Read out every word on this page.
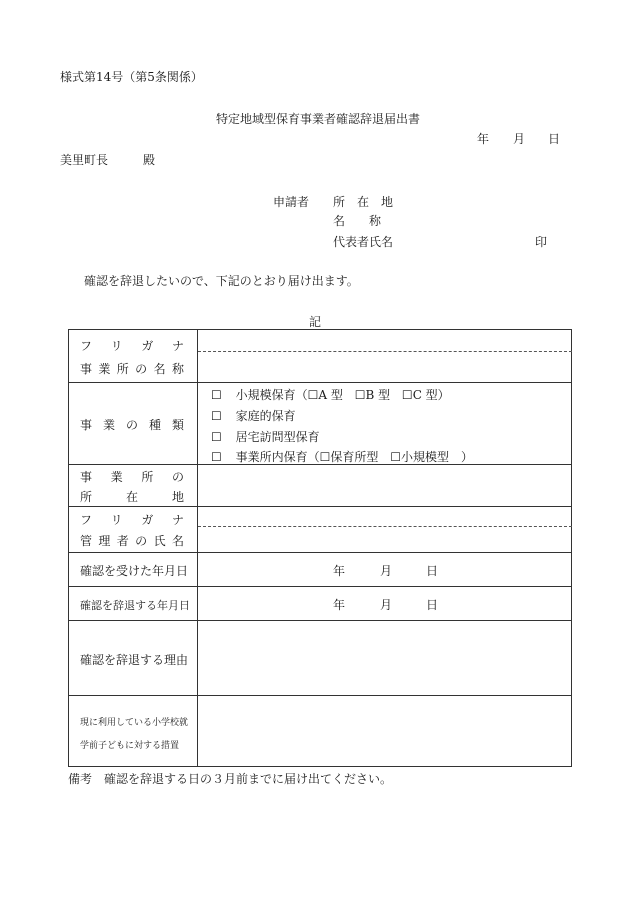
様式第14号（第5条関係）
特定地域型保育事業者確認辞退届出書
年 月 日
美里町長	殿
申請者 所　在　地
名　　称
代表者氏名	印
確認を辞退したいので、下記のとおり届け出ます。
記
フ リ ガ ナ
事 業 所 の 名 称
事 業 の 種 類
☐ 小規模保育（☐A 型 ☐B 型 ☐C 型）
☐ 家庭的保育
☐ 居宅訪問型保育
☐ 事業所内保育（☐保育所型 ☐小規模型　）
事 業 所 の
所	在	地
フ リ ガ ナ
管 理 者 の 氏 名
確認を受けた年月日	年	月	日
確認を辞退する年月日	年	月	日
確認を辞退する理由
現に利用している小学校就
学前子どもに対する措置
備考　確認を辞退する日の３月前までに届け出てください。
